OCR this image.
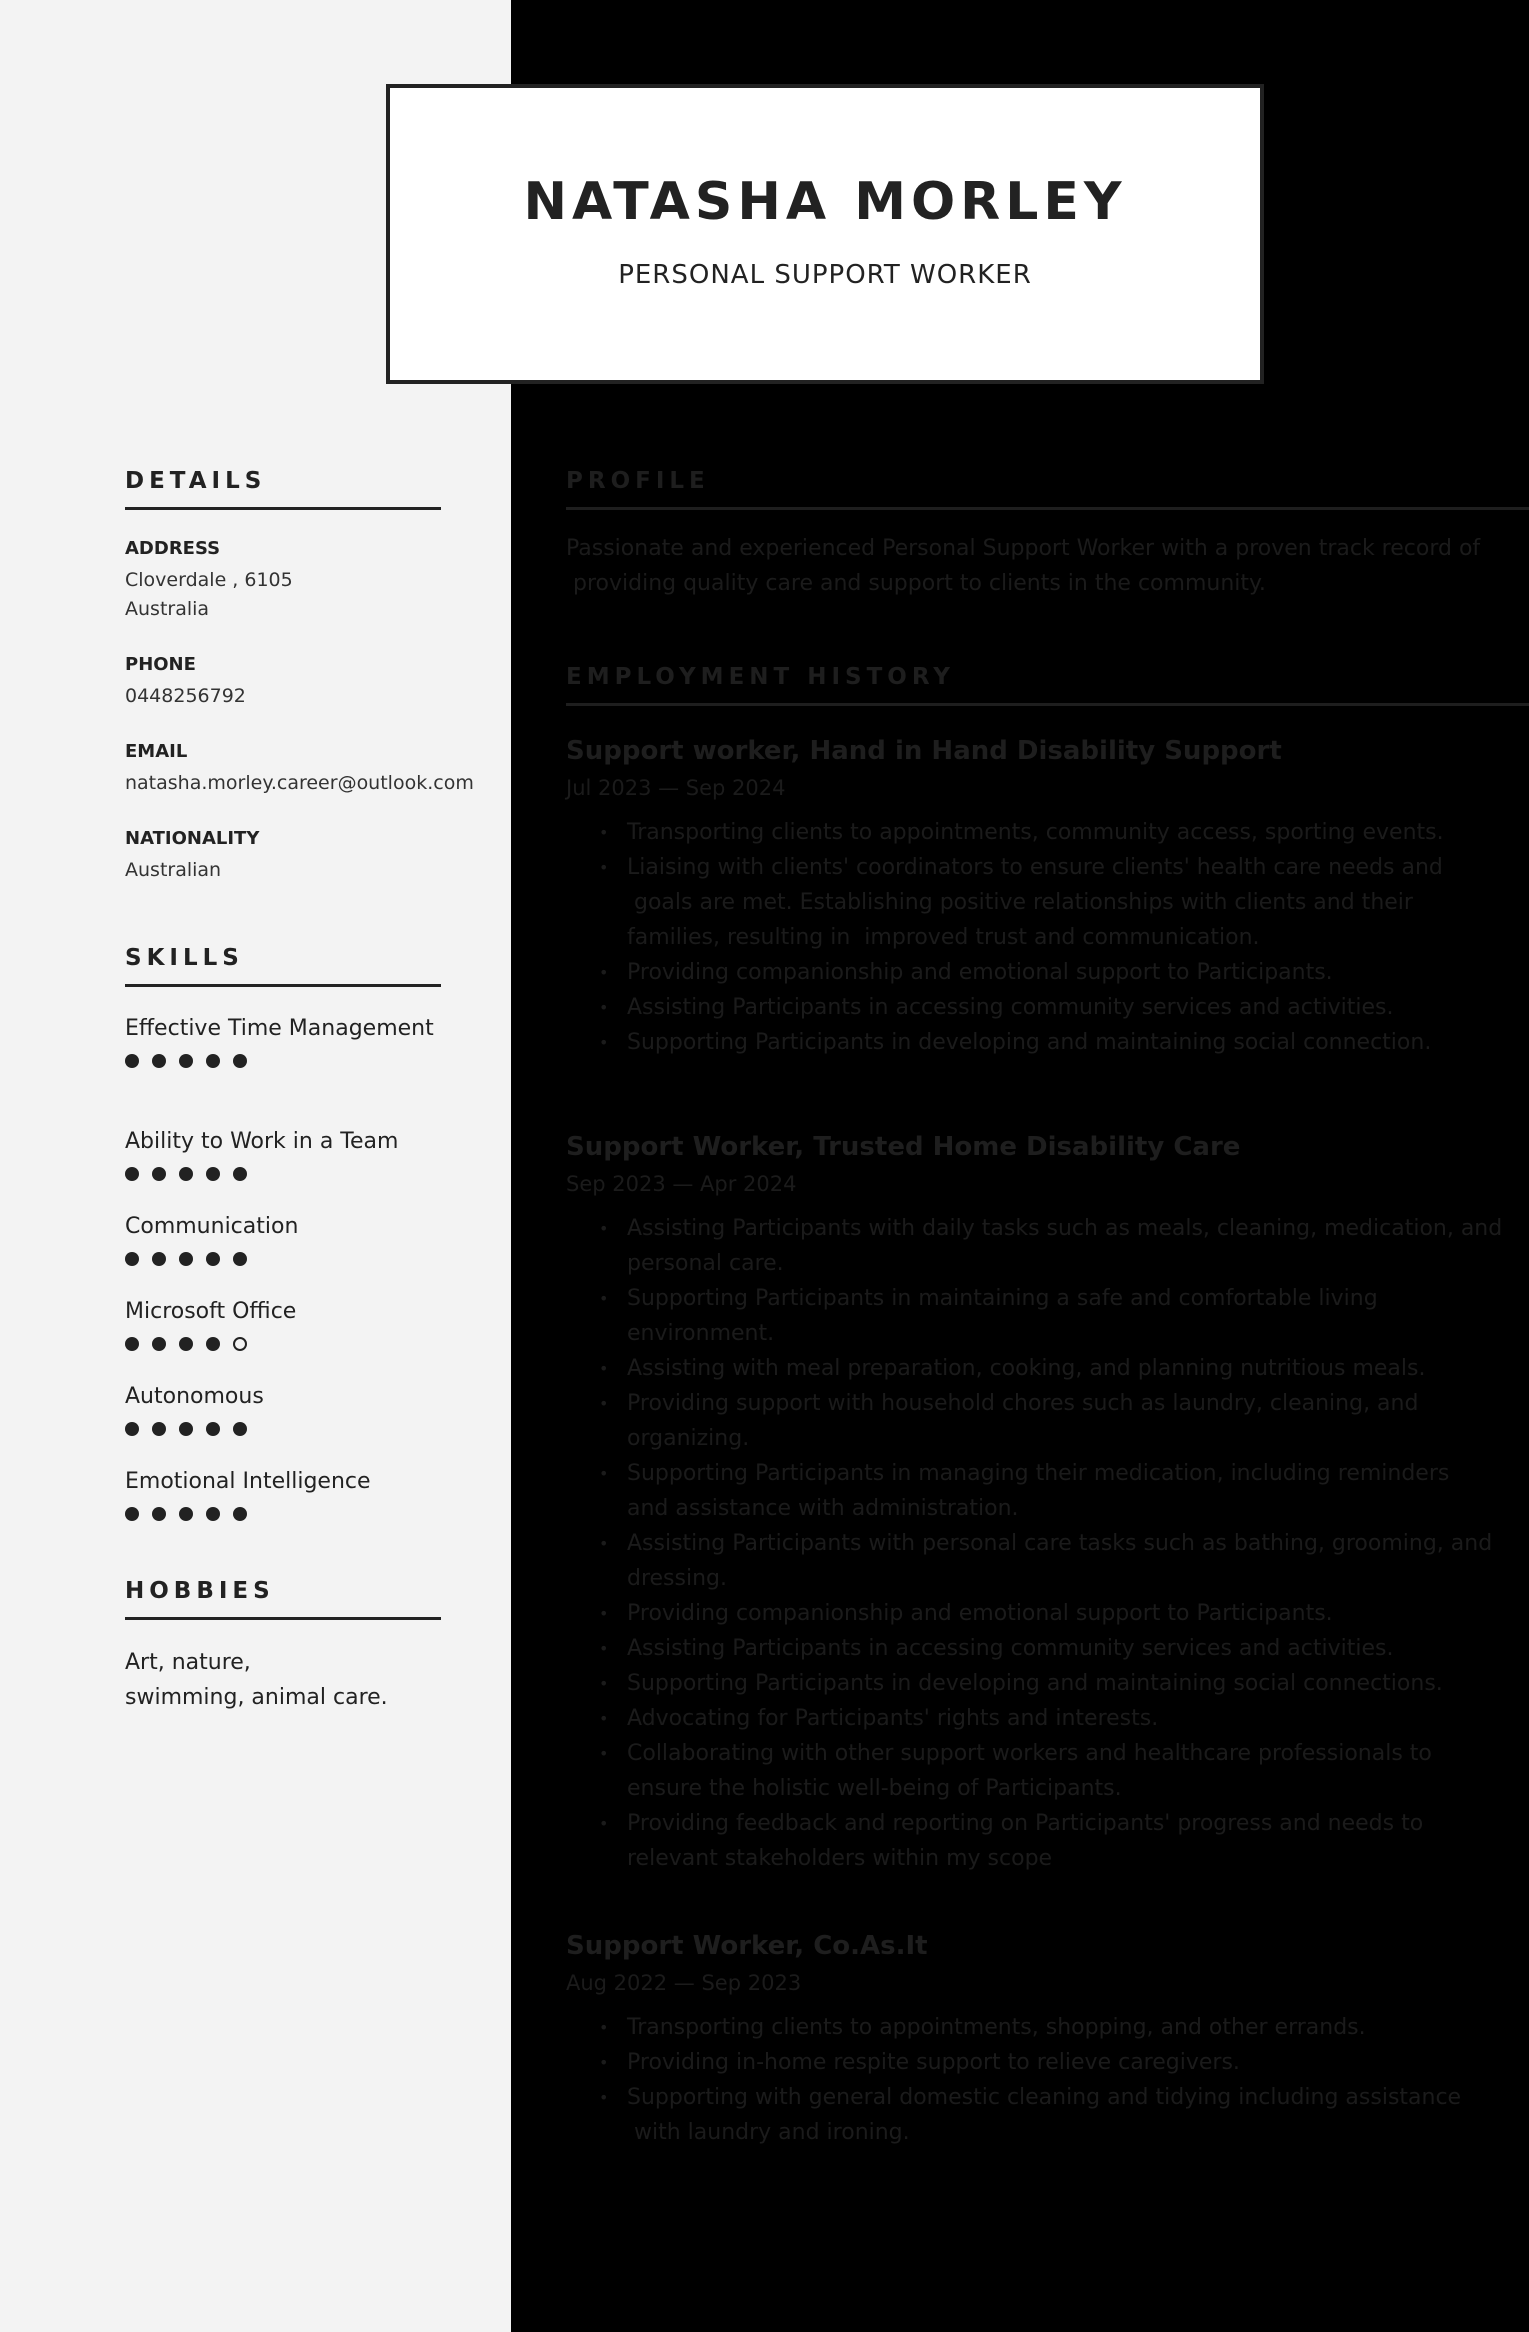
NATASHA MORLEY
PERSONAL SUPPORT WORKER
DETAILS
ADDRESS
Cloverdale , 6105
Australia
PHONE
0448256792
EMAIL
natasha.morley.career@outlook.com
NATIONALITY
Australian
SKILLS
Effective Time Management
Ability to Work in a Team
Communication
Microsoft Office
Autonomous
Emotional Intelligence
HOBBIES
Art, nature,
swimming, animal care.
PROFILE
Passionate and experienced Personal Support Worker with a proven track record of
providing quality care and support to clients in the community.
EMPLOYMENT HISTORY
Support worker, Hand in Hand Disability Support
Jul 2023 — Sep 2024
• Transporting clients to appointments, community access, sporting events.
• Liaising with clients' coordinators to ensure clients' health care needs and
goals are met. Establishing positive relationships with clients and their
families, resulting in  improved trust and communication.
• Providing companionship and emotional support to Participants.
• Assisting Participants in accessing community services and activities.
• Supporting Participants in developing and maintaining social connection.
Support Worker, Trusted Home Disability Care
Sep 2023 — Apr 2024
• Assisting Participants with daily tasks such as meals, cleaning, medication, and
personal care.
• Supporting Participants in maintaining a safe and comfortable living
environment.
• Assisting with meal preparation, cooking, and planning nutritious meals.
• Providing support with household chores such as laundry, cleaning, and
organizing.
• Supporting Participants in managing their medication, including reminders
and assistance with administration.
• Assisting Participants with personal care tasks such as bathing, grooming, and
dressing.
• Providing companionship and emotional support to Participants.
• Assisting Participants in accessing community services and activities.
• Supporting Participants in developing and maintaining social connections.
• Advocating for Participants' rights and interests.
• Collaborating with other support workers and healthcare professionals to
ensure the holistic well-being of Participants.
• Providing feedback and reporting on Participants' progress and needs to
relevant stakeholders within my scope
Support Worker, Co.As.It
Aug 2022 — Sep 2023
• Transporting clients to appointments, shopping, and other errands.
• Providing in-home respite support to relieve caregivers.
• Supporting with general domestic cleaning and tidying including assistance
with laundry and ironing.
